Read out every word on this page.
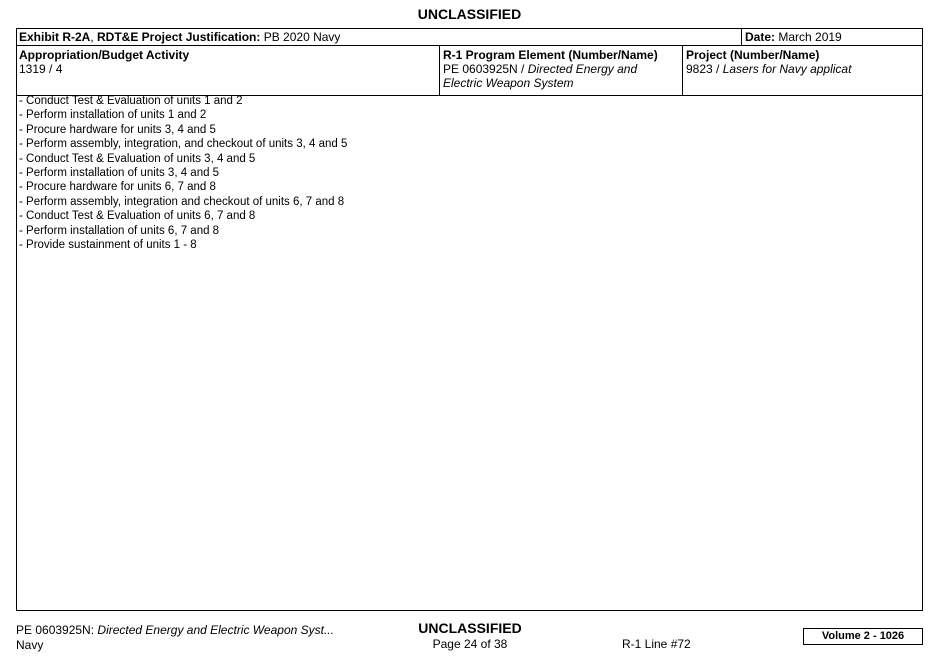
UNCLASSIFIED
Exhibit R-2A, RDT&E Project Justification: PB 2020 Navy	Date: March 2019
Appropriation/Budget Activity
1319 / 4
R-1 Program Element (Number/Name)
PE 0603925N / Directed Energy and
Electric Weapon System
Project (Number/Name)
9823 / Lasers for Navy applicat
- Conduct Test & Evaluation of units 1 and 2
- Perform installation of units 1 and 2
- Procure hardware for units 3, 4 and 5
- Perform assembly, integration, and checkout of units 3, 4 and 5
- Conduct Test & Evaluation of units 3, 4 and 5
- Perform installation of units 3, 4 and 5
- Procure hardware for units 6, 7 and 8
- Perform assembly, integration and checkout of units 6, 7 and 8
- Conduct Test & Evaluation of units 6, 7 and 8
- Perform installation of units 6, 7 and 8
- Provide sustainment of units 1 - 8
PE 0603925N: Directed Energy and Electric Weapon Syst...
Navy
UNCLASSIFIED
Page 24 of 38	R-1 Line #72
Volume 2 - 1026
